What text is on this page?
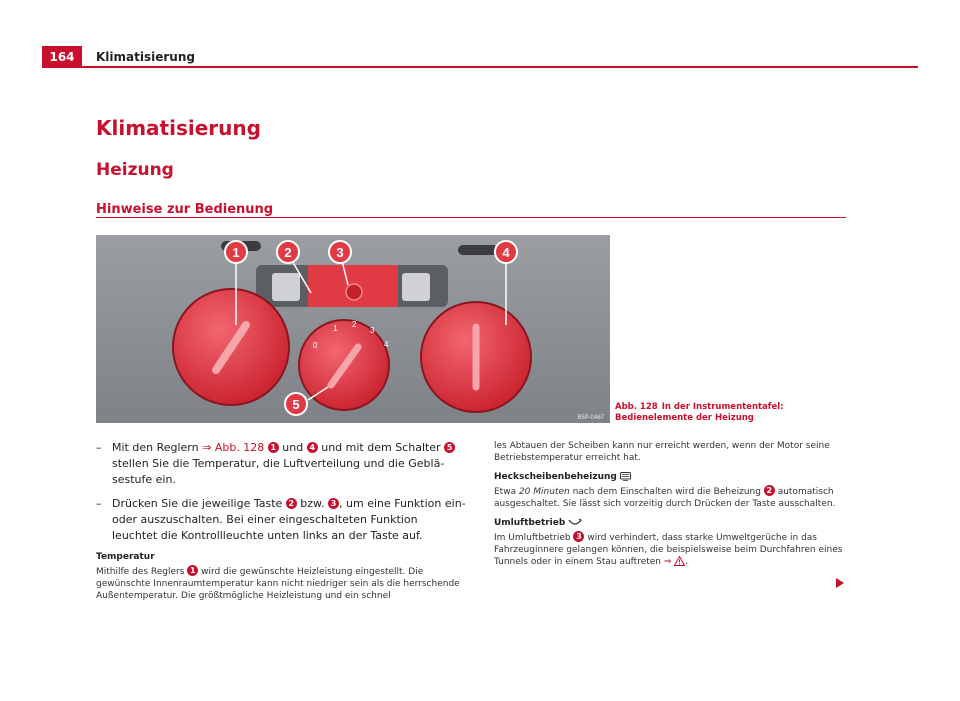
164	Klimatisierung
Klimatisierung
Heizung
Hinweise zur Bedienung
0
1 2
3
4
1	2	3	4
5
B5P-0467
Abb. 128 In der Instrumententafel: Bedienelemente der Heizung
– Mit den Reglern ⇒ Abb. 128 1 und 4 und mit dem Schalter 5 stellen Sie die Temperatur, die Luftverteilung und die Gebläsestufe ein.
– Drücken Sie die jeweilige Taste 2 bzw. 3 , um eine Funktion ein- oder auszuschalten. Bei einer eingeschalteten Funktion leuchtet die Kontrollleuchte unten links an der Taste auf.
Temperatur
Mithilfe des Reglers 1 wird die gewünschte Heizleistung eingestellt. Die gewünschte Innenraumtemperatur kann nicht niedriger sein als die herrschende Außentemperatur. Die größtmögliche Heizleistung und ein schnel
les Abtauen der Scheiben kann nur erreicht werden, wenn der Motor seine Betriebstemperatur erreicht hat.
Heckscheibenbeheizung
Etwa 20 Minuten nach dem Einschalten wird die Beheizung 2 automatisch ausgeschaltet. Sie lässt sich vorzeitig durch Drücken der Taste ausschalten.
Umluftbetrieb
Im Umluftbetrieb 3 wird verhindert, dass starke Umweltgerüche in das Fahrzeuginnere gelangen können, die beispielsweise beim Durchfahren eines Tunnels oder in einem Stau auftreten ⇒ .
